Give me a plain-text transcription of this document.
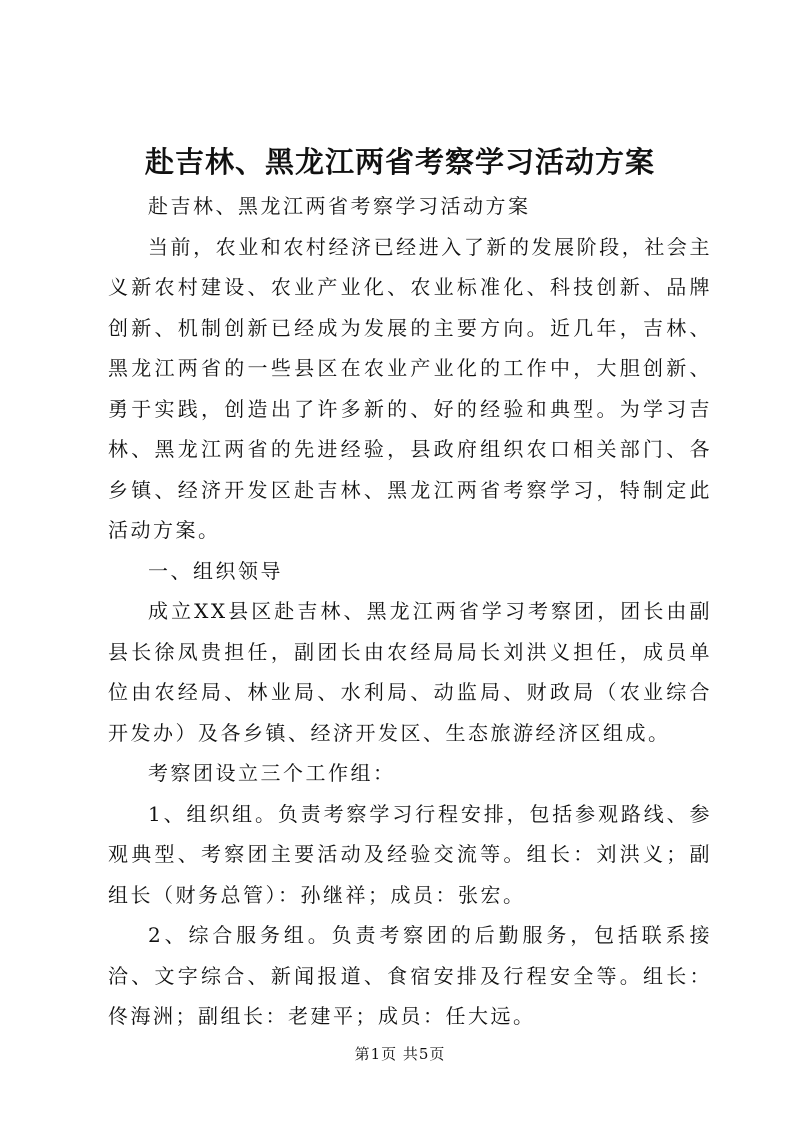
赴吉林、黑龙江两省考察学习活动方案

赴吉林、黑龙江两省考察学习活动方案

当前，农业和农村经济已经进入了新的发展阶段，社会主义新农村建设、农业产业化、农业标准化、科技创新、品牌创新、机制创新已经成为发展的主要方向。近几年，吉林、黑龙江两省的一些县区在农业产业化的工作中，大胆创新、勇于实践，创造出了许多新的、好的经验和典型。为学习吉林、黑龙江两省的先进经验，县政府组织农口相关部门、各乡镇、经济开发区赴吉林、黑龙江两省考察学习，特制定此活动方案。

一、组织领导

成立XX县区赴吉林、黑龙江两省学习考察团，团长由副县长徐凤贵担任，副团长由农经局局长刘洪义担任，成员单位由农经局、林业局、水利局、动监局、财政局（农业综合开发办）及各乡镇、经济开发区、生态旅游经济区组成。

考察团设立三个工作组：

1、组织组。负责考察学习行程安排，包括参观路线、参观典型、考察团主要活动及经验交流等。组长：刘洪义；副组长（财务总管）：孙继祥；成员：张宏。

2、综合服务组。负责考察团的后勤服务，包括联系接洽、文字综合、新闻报道、食宿安排及行程安全等。组长：佟海洲；副组长：老建平；成员：任大远。

第1页 共5页
